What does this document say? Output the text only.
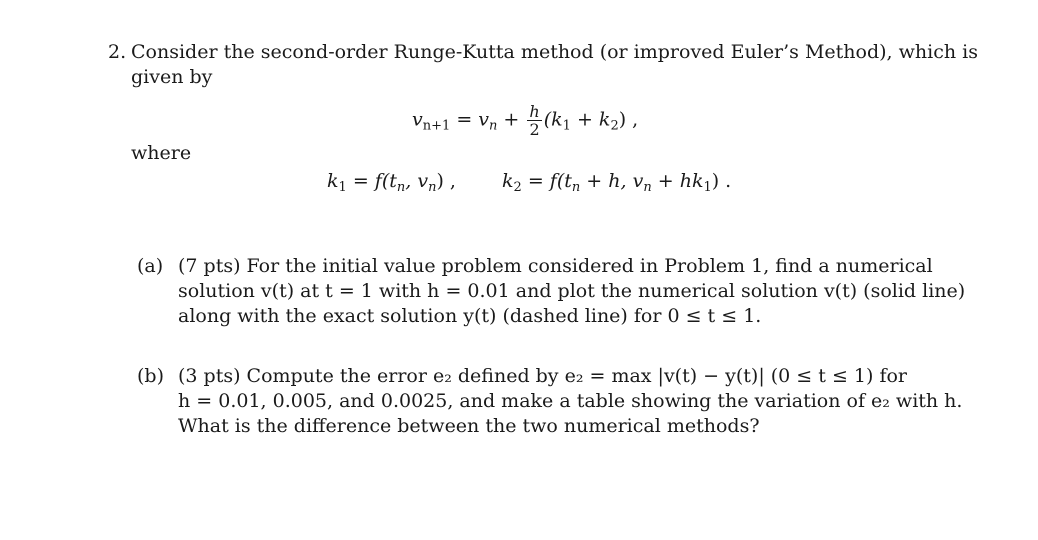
2. Consider the second-order Runge-Kutta method (or improved Euler’s Method), which is
given by
$v_{n+1} = v_n + \frac{h}{2} (k_1 + k_2)$ ,
where
$k_1 = f(t_n$, $v_n$) , $k_2 = f(t_n + h$, $v_n + hk_1$) .
(a) (7 pts) For the initial value problem considered in Problem 1, find a numerical
solution v(t) at t = 1 with h = 0.01 and plot the numerical solution v(t) (solid line)
along with the exact solution y(t) (dashed line) for 0 ≤ t ≤ 1.
(b) (3 pts) Compute the error e₂ defined by e₂ = max |v(t) − y(t)| (0 ≤ t ≤ 1) for
h = 0.01, 0.005, and 0.0025, and make a table showing the variation of e₂ with h.
What is the difference between the two numerical methods?
